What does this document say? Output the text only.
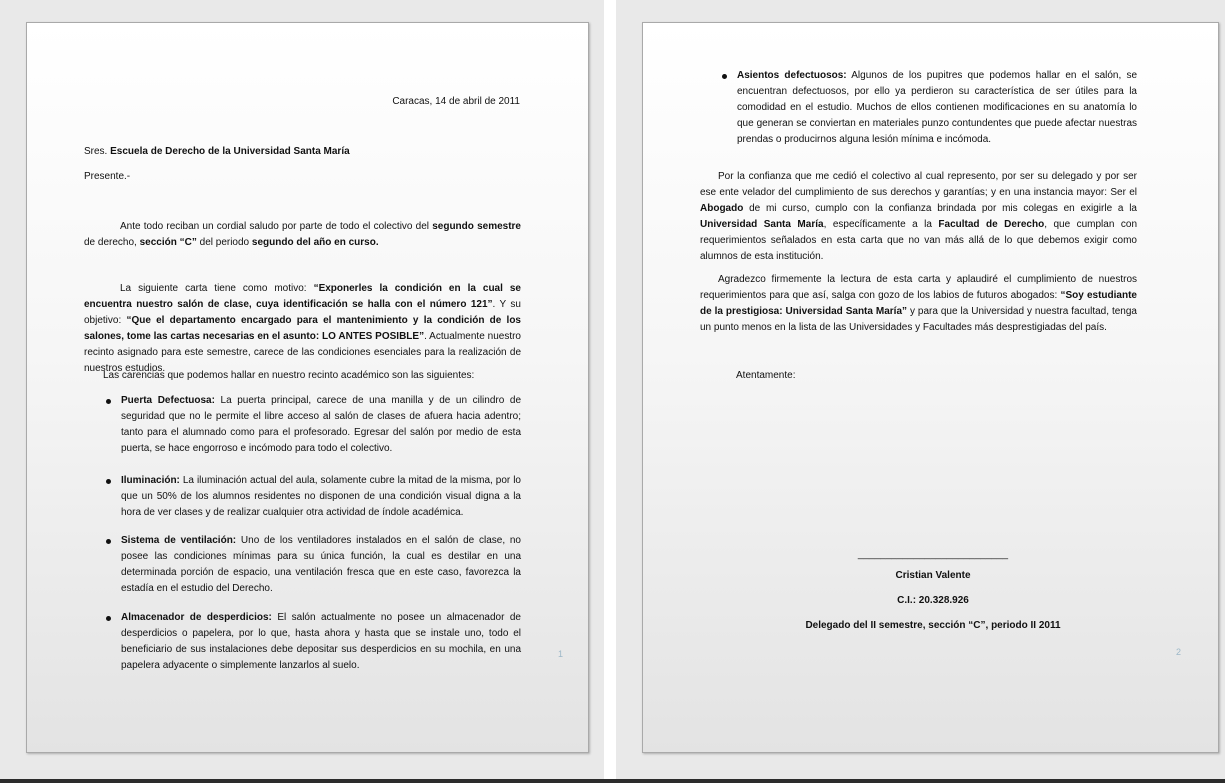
Caracas, 14 de abril de 2011
Sres. Escuela de Derecho de la Universidad Santa María
Presente.-
Ante todo reciban un cordial saludo por parte de todo el colectivo del segundo semestre de derecho, sección “C” del periodo segundo del año en curso.
La siguiente carta tiene como motivo: “Exponerles la condición en la cual se encuentra nuestro salón de clase, cuya identificación se halla con el número 121”. Y su objetivo: “Que el departamento encargado para el mantenimiento y la condición de los salones, tome las cartas necesarias en el asunto: LO ANTES POSIBLE”. Actualmente nuestro recinto asignado para este semestre, carece de las condiciones esenciales para la realización de nuestros estudios.
Las carencias que podemos hallar en nuestro recinto académico son las siguientes:
Puerta Defectuosa: La puerta principal, carece de una manilla y de un cilindro de seguridad que no le permite el libre acceso al salón de clases de afuera hacia adentro; tanto para el alumnado como para el profesorado. Egresar del salón por medio de esta puerta, se hace engorroso e incómodo para todo el colectivo.
Iluminación: La iluminación actual del aula, solamente cubre la mitad de la misma, por lo que un 50% de los alumnos residentes no disponen de una condición visual digna a la hora de ver clases y de realizar cualquier otra actividad de índole académica.
Sistema de ventilación: Uno de los ventiladores instalados en el salón de clase, no posee las condiciones mínimas para su única función, la cual es destilar en una determinada porción de espacio, una ventilación fresca que en este caso, favorezca la estadía en el estudio del Derecho.
Almacenador de desperdicios: El salón actualmente no posee un almacenador de desperdicios o papelera, por lo que, hasta ahora y hasta que se instale uno, todo el beneficiario de sus instalaciones debe depositar sus desperdicios en su mochila, en una papelera adyacente o simplemente lanzarlos al suelo.
1
Asientos defectuosos: Algunos de los pupitres que podemos hallar en el salón, se encuentran defectuosos, por ello ya perdieron su característica de ser útiles para la comodidad en el estudio. Muchos de ellos contienen modificaciones en su anatomía lo que generan se conviertan en materiales punzo contundentes que puede afectar nuestras prendas o producirnos alguna lesión mínima e incómoda.
Por la confianza que me cedió el colectivo al cual represento, por ser su delegado y por ser ese ente velador del cumplimiento de sus derechos y garantías; y en una instancia mayor: Ser el Abogado de mi curso, cumplo con la confianza brindada por mis colegas en exigirle a la Universidad Santa María, específicamente a la Facultad de Derecho, que cumplan con requerimientos señalados en esta carta que no van más allá de lo que debemos exigir como alumnos de esta institución.
Agradezco firmemente la lectura de esta carta y aplaudiré el cumplimiento de nuestros requerimientos para que así, salga con gozo de los labios de futuros abogados: “Soy estudiante de la prestigiosa: Universidad Santa María” y para que la Universidad y nuestra facultad, tenga un punto menos en la lista de las Universidades y Facultades más desprestigiadas del país.
Atentamente:
___________________________
Cristian Valente
C.I.: 20.328.926
Delegado del II semestre, sección “C”, periodo II 2011
2
